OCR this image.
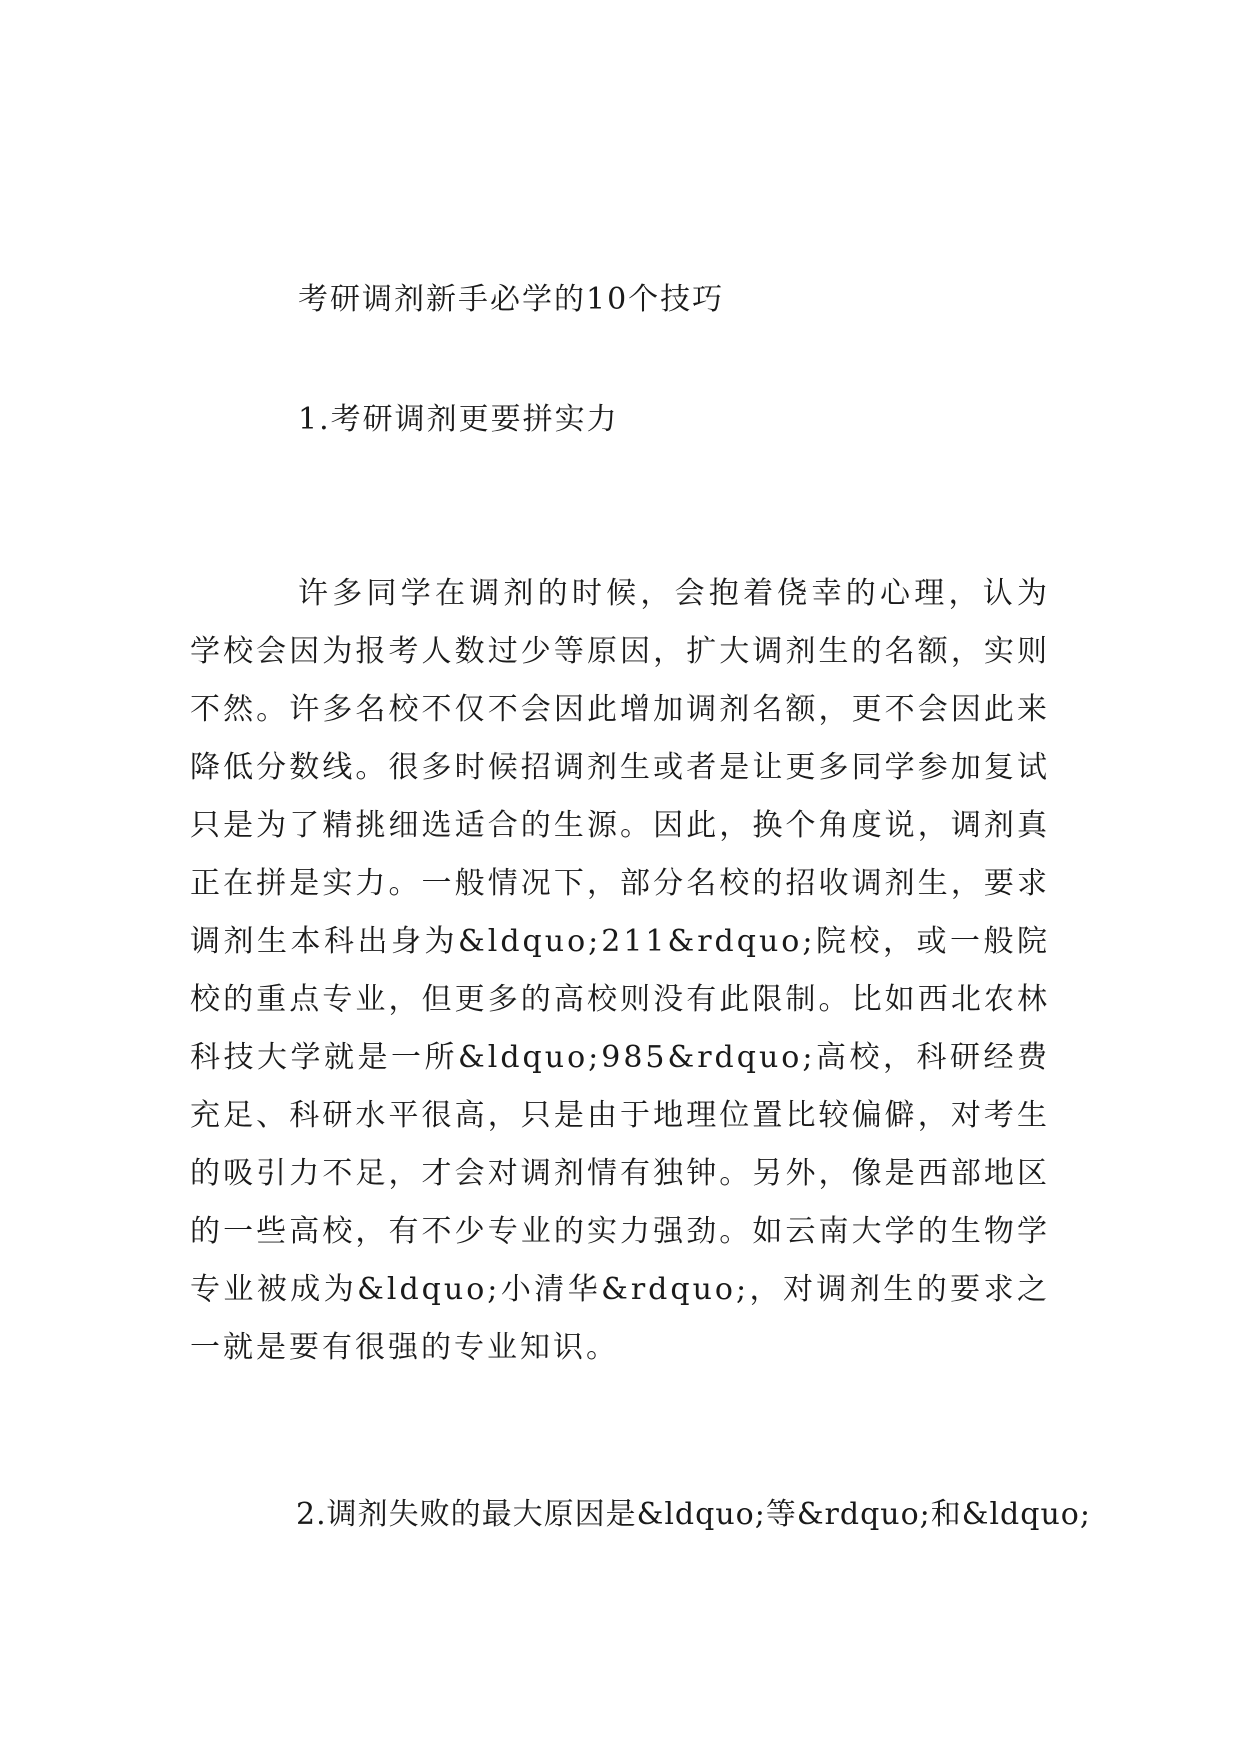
考研调剂新手必学的10个技巧
1.考研调剂更要拼实力

许多同学在调剂的时候，会抱着侥幸的心理，认为学校会因为报考人数过少等原因，扩大调剂生的名额，实则不然。许多名校不仅不会因此增加调剂名额，更不会因此来降低分数线。很多时候招调剂生或者是让更多同学参加复试只是为了精挑细选适合的生源。因此，换个角度说，调剂真正在拼是实力。一般情况下，部分名校的招收调剂生，要求调剂生本科出身为&ldquo;211&rdquo;院校，或一般院校的重点专业，但更多的高校则没有此限制。比如西北农林科技大学就是一所&ldquo;985&rdquo;高校，科研经费充足、科研水平很高，只是由于地理位置比较偏僻，对考生的吸引力不足，才会对调剂情有独钟。另外，像是西部地区的一些高校，有不少专业的实力强劲。如云南大学的生物学专业被成为&ldquo;小清华&rdquo;，对调剂生的要求之一就是要有很强的专业知识。

2.调剂失败的最大原因是&ldquo;等&rdquo;和&ldquo;
